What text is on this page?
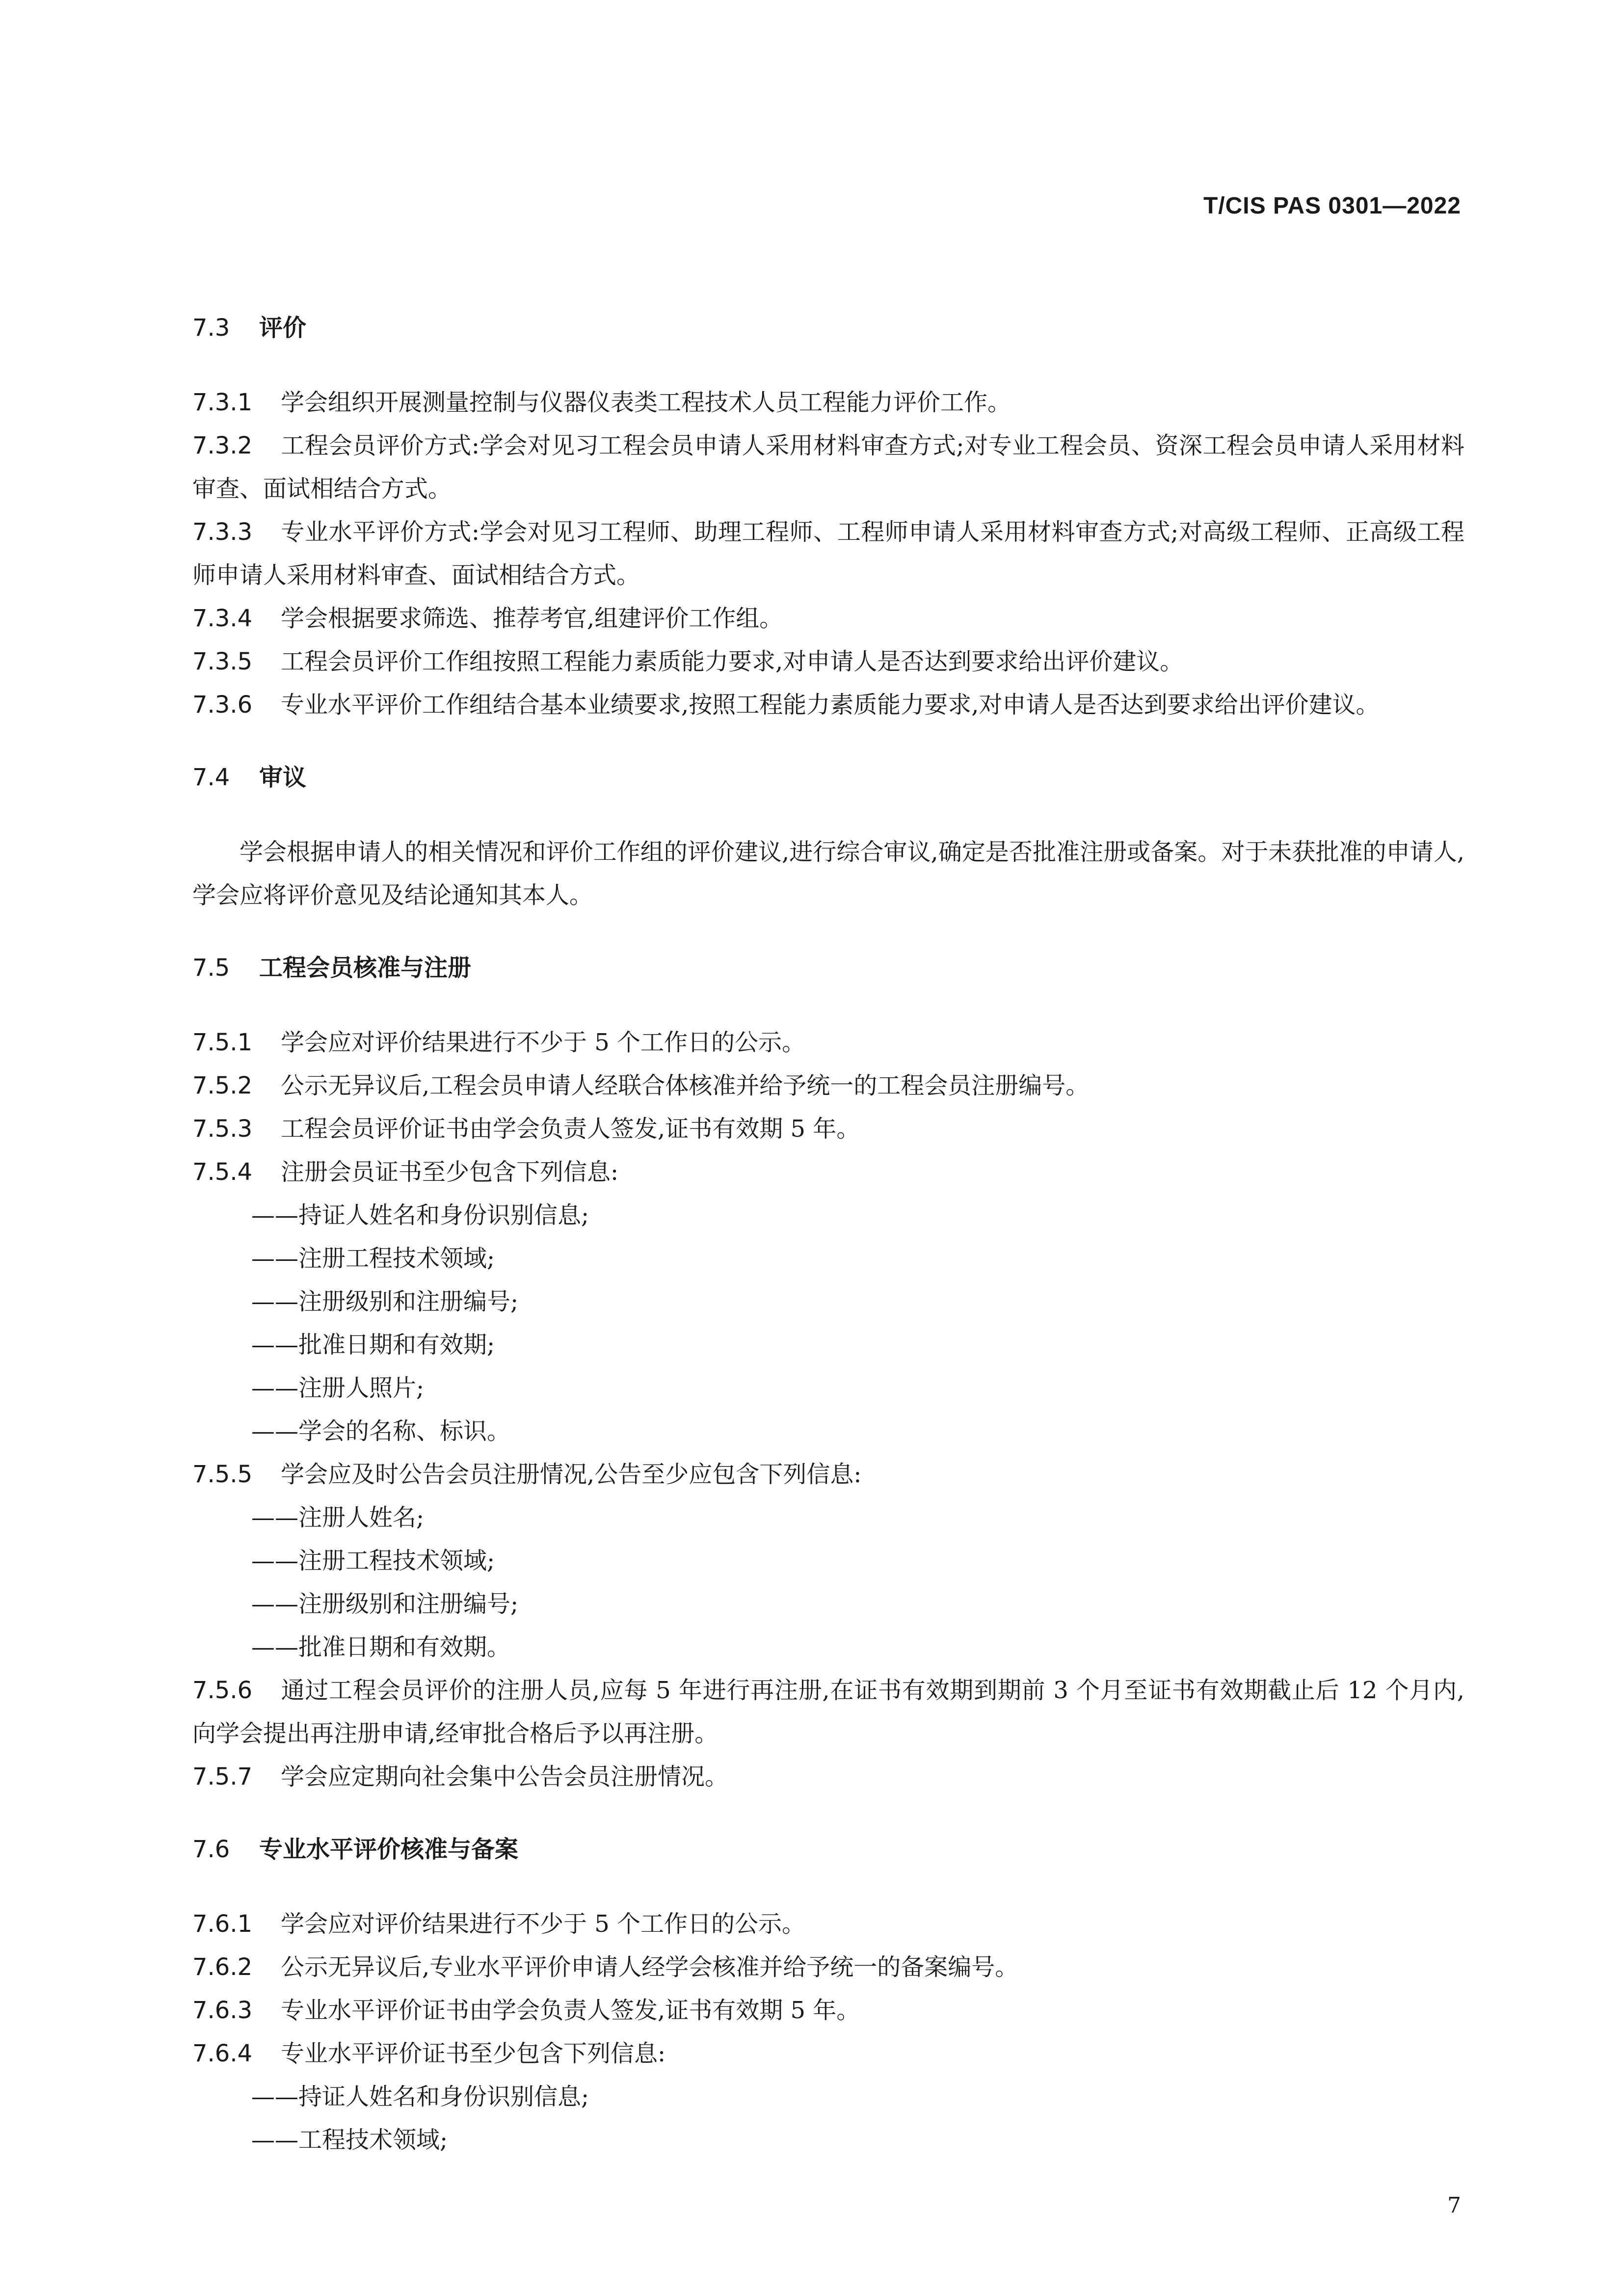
T/CIS PAS 0301—2022
7.3 评价
7.3.1 学会组织开展测量控制与仪器仪表类工程技术人员工程能力评价工作。
7.3.2 工程会员评价方式:学会对见习工程会员申请人采用材料审查方式;对专业工程会员、资深工程会员申请人采用材料审查、面试相结合方式。
7.3.3 专业水平评价方式:学会对见习工程师、助理工程师、工程师申请人采用材料审查方式;对高级工程师、正高级工程师申请人采用材料审查、面试相结合方式。
7.3.4 学会根据要求筛选、推荐考官,组建评价工作组。
7.3.5 工程会员评价工作组按照工程能力素质能力要求,对申请人是否达到要求给出评价建议。
7.3.6 专业水平评价工作组结合基本业绩要求,按照工程能力素质能力要求,对申请人是否达到要求给出评价建议。
7.4 审议
学会根据申请人的相关情况和评价工作组的评价建议,进行综合审议,确定是否批准注册或备案。对于未获批准的申请人,学会应将评价意见及结论通知其本人。
7.5 工程会员核准与注册
7.5.1 学会应对评价结果进行不少于 5 个工作日的公示。
7.5.2 公示无异议后,工程会员申请人经联合体核准并给予统一的工程会员注册编号。
7.5.3 工程会员评价证书由学会负责人签发,证书有效期 5 年。
7.5.4 注册会员证书至少包含下列信息:
——持证人姓名和身份识别信息;
——注册工程技术领域;
——注册级别和注册编号;
——批准日期和有效期;
——注册人照片;
——学会的名称、标识。
7.5.5 学会应及时公告会员注册情况,公告至少应包含下列信息:
——注册人姓名;
——注册工程技术领域;
——注册级别和注册编号;
——批准日期和有效期。
7.5.6 通过工程会员评价的注册人员,应每 5 年进行再注册,在证书有效期到期前 3 个月至证书有效期截止后 12 个月内,向学会提出再注册申请,经审批合格后予以再注册。
7.5.7 学会应定期向社会集中公告会员注册情况。
7.6 专业水平评价核准与备案
7.6.1 学会应对评价结果进行不少于 5 个工作日的公示。
7.6.2 公示无异议后,专业水平评价申请人经学会核准并给予统一的备案编号。
7.6.3 专业水平评价证书由学会负责人签发,证书有效期 5 年。
7.6.4 专业水平评价证书至少包含下列信息:
——持证人姓名和身份识别信息;
——工程技术领域;
7
